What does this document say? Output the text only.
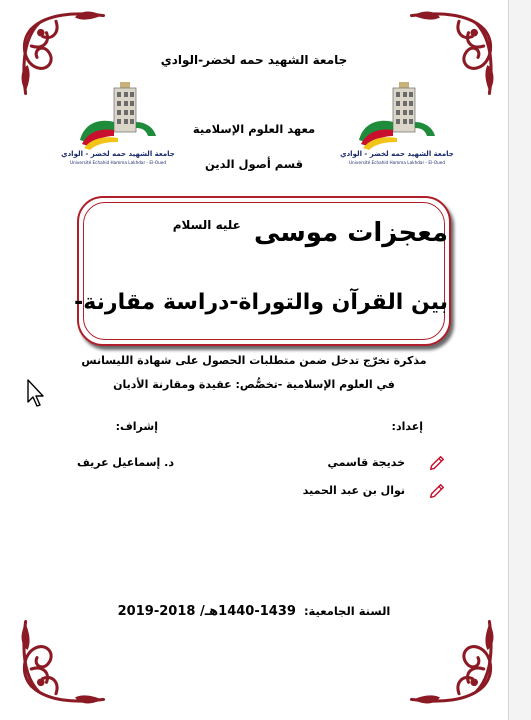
جامعة الشهيد حمه لخضر - الوادي
Université Echahid Hamma Lakhdar - El-Oued
جامعة الشهيد حمه لخضر - الوادي
Université Echahid Hamma Lakhdar - El-Oued
جامعة الشهيد حمه لخضر-الوادي
معهد العلوم الإسلامية
قسم أصول الدين
معجزات موسى $^{عليه السلام}$
بين القرآن والتوراة-دراسة مقارنة-
مذكرة تخرّج تدخل ضمن متطلبات الحصول على شهادة الليسانس
في العلوم الإسلامية -تخصُّص: عقيدة ومقارنة الأديان
إعداد:
إشراف:
خديجة قاسمي
د. إسماعيل عريف
نوال بن عبد الحميد
السنة الجامعية: 1439-1440هـ/ 2018-2019
